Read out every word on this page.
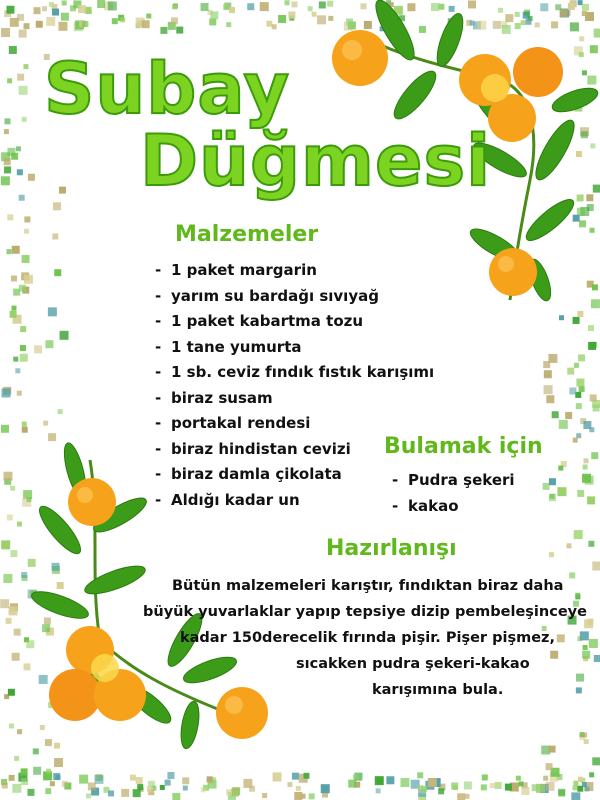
Subay
Düğmesi
Malzemeler
- 1 paket margarin
- yarım su bardağı sıvıyağ
- 1 paket kabartma tozu
- 1 tane yumurta
- 1 sb. ceviz fındık fıstık karışımı
- biraz susam
- portakal rendesi
- biraz hindistan cevizi
- biraz damla çikolata
- Aldığı kadar un
Bulamak için
- Pudra şekeri
- kakao
Hazırlanışı
Bütün malzemeleri karıştır, fındıktan biraz daha
büyük yuvarlaklar yapıp tepsiye dizip pembeleşinceye
kadar 150derecelik fırında pişir. Pişer pişmez,
sıcakken pudra şekeri-kakao
karışımına bula.
